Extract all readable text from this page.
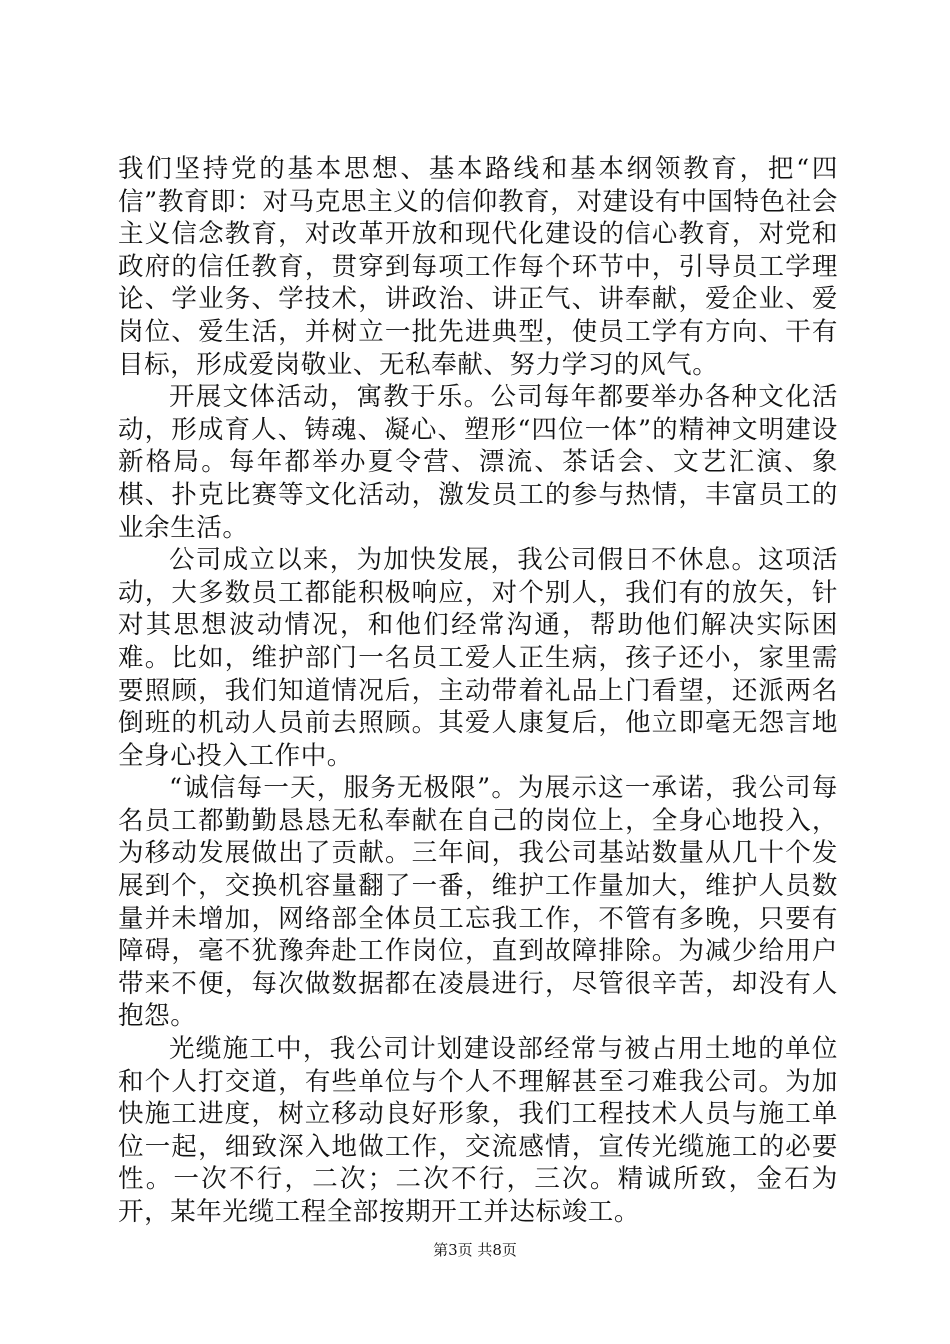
我们坚持党的基本思想、基本路线和基本纲领教育，把“四信”教育即：对马克思主义的信仰教育，对建设有中国特色社会主义信念教育，对改革开放和现代化建设的信心教育，对党和政府的信任教育，贯穿到每项工作每个环节中，引导员工学理论、学业务、学技术，讲政治、讲正气、讲奉献，爱企业、爱岗位、爱生活，并树立一批先进典型，使员工学有方向、干有目标，形成爱岗敬业、无私奉献、努力学习的风气。

开展文体活动，寓教于乐。公司每年都要举办各种文化活动，形成育人、铸魂、凝心、塑形“四位一体”的精神文明建设新格局。每年都举办夏令营、漂流、茶话会、文艺汇演、象棋、扑克比赛等文化活动，激发员工的参与热情，丰富员工的业余生活。

公司成立以来，为加快发展，我公司假日不休息。这项活动，大多数员工都能积极响应，对个别人，我们有的放矢，针对其思想波动情况，和他们经常沟通，帮助他们解决实际困难。比如，维护部门一名员工爱人正生病，孩子还小，家里需要照顾，我们知道情况后，主动带着礼品上门看望，还派两名倒班的机动人员前去照顾。其爱人康复后，他立即毫无怨言地全身心投入工作中。

“诚信每一天，服务无极限”。为展示这一承诺，我公司每名员工都勤勤恳恳无私奉献在自己的岗位上，全身心地投入，为移动发展做出了贡献。三年间，我公司基站数量从几十个发展到个，交换机容量翻了一番，维护工作量加大，维护人员数量并未增加，网络部全体员工忘我工作，不管有多晚，只要有障碍，毫不犹豫奔赴工作岗位，直到故障排除。为减少给用户带来不便，每次做数据都在凌晨进行，尽管很辛苦，却没有人抱怨。

光缆施工中，我公司计划建设部经常与被占用土地的单位和个人打交道，有些单位与个人不理解甚至刁难我公司。为加快施工进度，树立移动良好形象，我们工程技术人员与施工单位一起，细致深入地做工作，交流感情，宣传光缆施工的必要性。一次不行，二次；二次不行，三次。精诚所致，金石为开，某年光缆工程全部按期开工并达标竣工。

第3页 共8页
